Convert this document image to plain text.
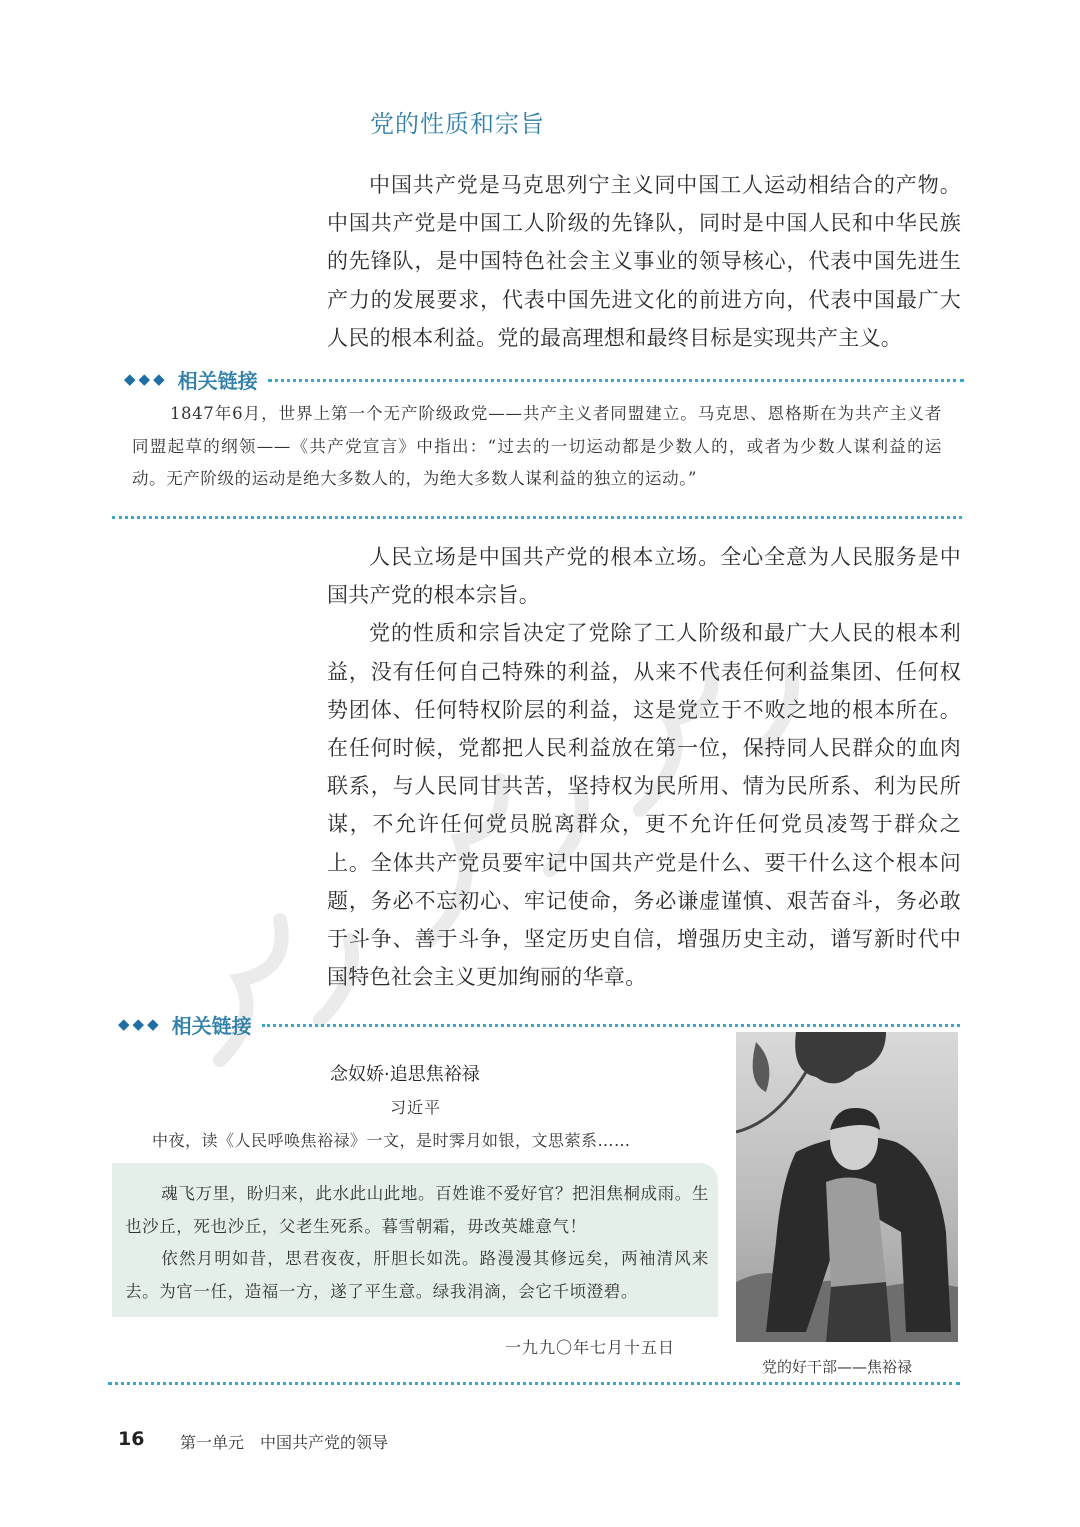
党的性质和宗旨

中国共产党是马克思列宁主义同中国工人运动相结合的产物。中国共产党是中国工人阶级的先锋队，同时是中国人民和中华民族的先锋队，是中国特色社会主义事业的领导核心，代表中国先进生产力的发展要求，代表中国先进文化的前进方向，代表中国最广大人民的根本利益。党的最高理想和最终目标是实现共产主义。

◆◆◆ 相关链接

1847年6月，世界上第一个无产阶级政党——共产主义者同盟建立。马克思、恩格斯在为共产主义者同盟起草的纲领——《共产党宣言》中指出：“过去的一切运动都是少数人的，或者为少数人谋利益的运动。无产阶级的运动是绝大多数人的，为绝大多数人谋利益的独立的运动。”

人民立场是中国共产党的根本立场。全心全意为人民服务是中国共产党的根本宗旨。

党的性质和宗旨决定了党除了工人阶级和最广大人民的根本利益，没有任何自己特殊的利益，从来不代表任何利益集团、任何权势团体、任何特权阶层的利益，这是党立于不败之地的根本所在。在任何时候，党都把人民利益放在第一位，保持同人民群众的血肉联系，与人民同甘共苦，坚持权为民所用、情为民所系、利为民所谋，不允许任何党员脱离群众，更不允许任何党员凌驾于群众之上。全体共产党员要牢记中国共产党是什么、要干什么这个根本问题，务必不忘初心、牢记使命，务必谦虚谨慎、艰苦奋斗，务必敢于斗争、善于斗争，坚定历史自信，增强历史主动，谱写新时代中国特色社会主义更加绚丽的华章。

◆◆◆ 相关链接
念奴娇·追思焦裕禄
习近平
中夜，读《人民呼唤焦裕禄》一文，是时霁月如银，文思萦系……

魂飞万里，盼归来，此水此山此地。百姓谁不爱好官？把泪焦桐成雨。生也沙丘，死也沙丘，父老生死系。暮雪朝霜，毋改英雄意气！

依然月明如昔，思君夜夜，肝胆长如洗。路漫漫其修远矣，两袖清风来去。为官一任，造福一方，遂了平生意。绿我涓滴，会它千顷澄碧。

一九九〇年七月十五日
党的好干部——焦裕禄
16 第一单元　中国共产党的领导
